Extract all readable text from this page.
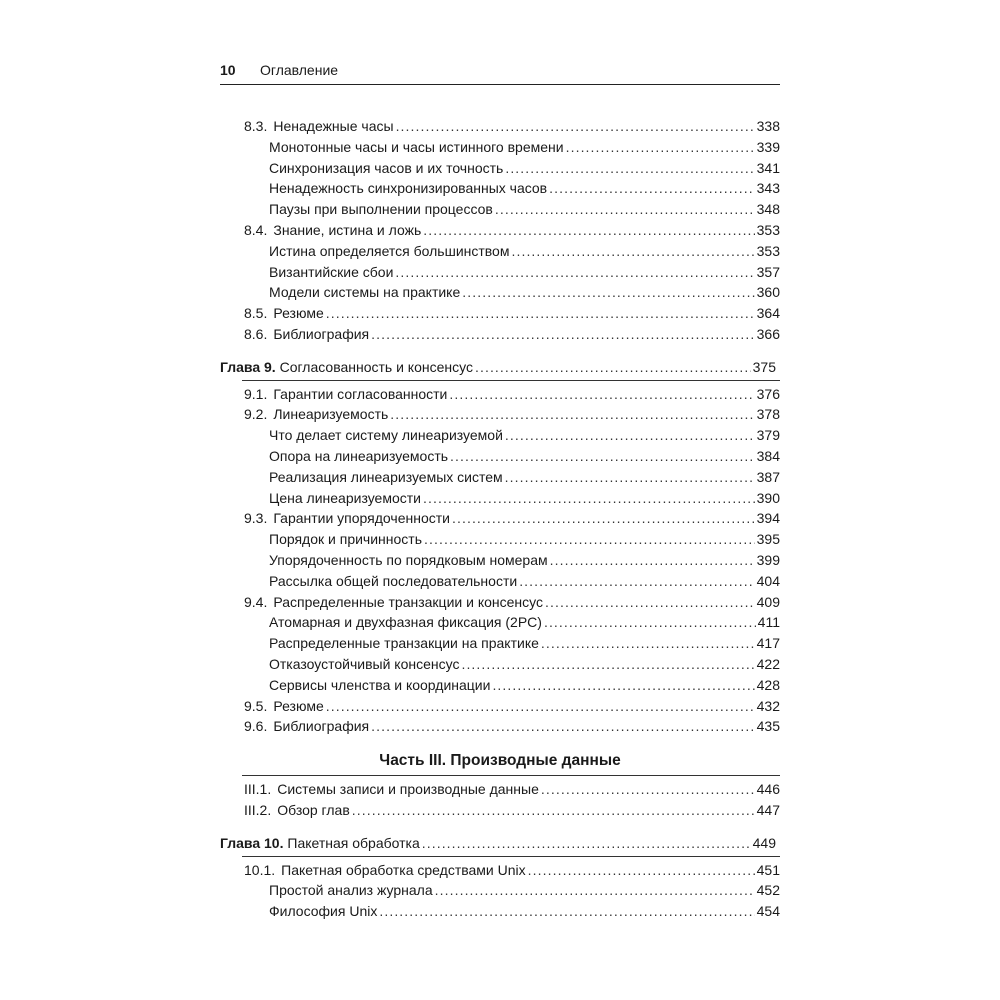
10	Оглавление
8.3. Ненадежные часы .....	338
Монотонные часы и часы истинного времени .....	339
Синхронизация часов и их точность .....	341
Ненадежность синхронизированных часов .....	343
Паузы при выполнении процессов .....	348
8.4. Знание, истина и ложь .....	353
Истина определяется большинством .....	353
Византийские сбои .....	357
Модели системы на практике .....	360
8.5. Резюме .....	364
8.6. Библиография .....	366
Глава 9. Согласованность и консенсус .....	375
9.1. Гарантии согласованности .....	376
9.2. Линеаризуемость .....	378
Что делает систему линеаризуемой .....	379
Опора на линеаризуемость .....	384
Реализация линеаризуемых систем .....	387
Цена линеаризуемости .....	390
9.3. Гарантии упорядоченности .....	394
Порядок и причинность .....	395
Упорядоченность по порядковым номерам .....	399
Рассылка общей последовательности .....	404
9.4. Распределенные транзакции и консенсус .....	409
Атомарная и двухфазная фиксация (2PC) .....	411
Распределенные транзакции на практике .....	417
Отказоустойчивый консенсус .....	422
Сервисы членства и координации .....	428
9.5. Резюме .....	432
9.6. Библиография .....	435
Часть III. Производные данные
III.1. Системы записи и производные данные .....	446
III.2. Обзор глав .....	447
Глава 10. Пакетная обработка .....	449
10.1. Пакетная обработка средствами Unix .....	451
Простой анализ журнала .....	452
Философия Unix .....	454
